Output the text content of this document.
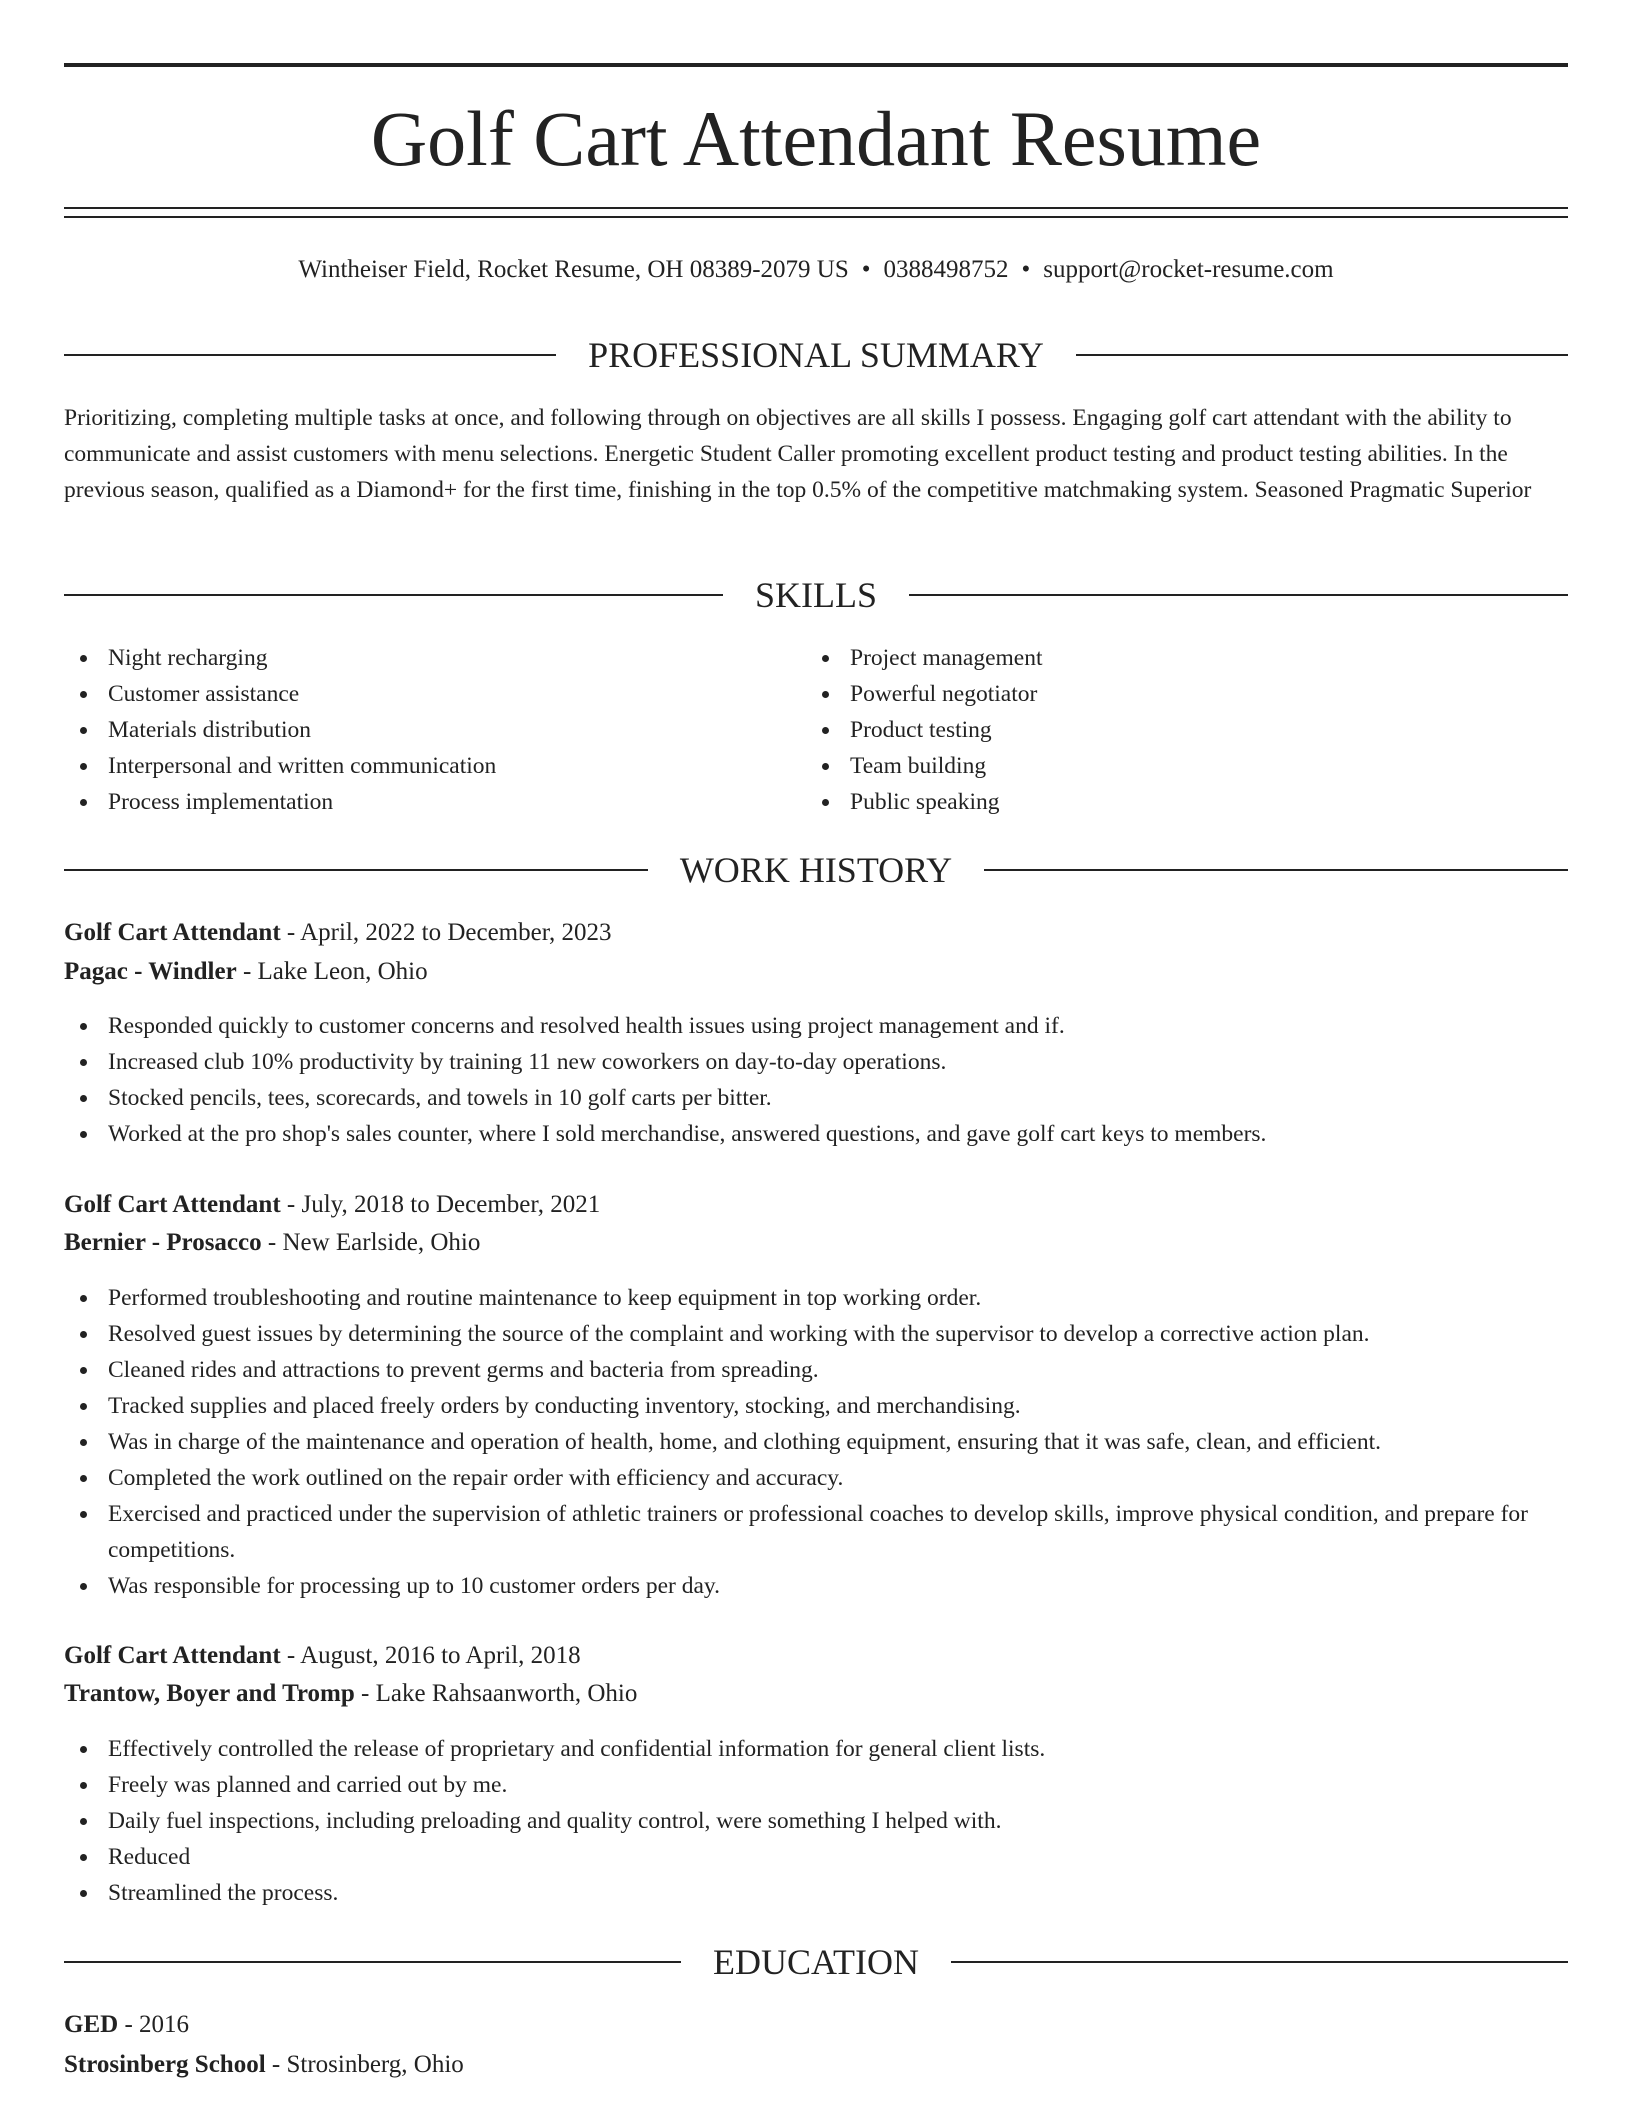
Golf Cart Attendant Resume
Wintheiser Field, Rocket Resume, OH 08389-2079 US • 0388498752 • support@rocket-resume.com
PROFESSIONAL SUMMARY

Prioritizing, completing multiple tasks at once, and following through on objectives are all skills I possess. Engaging golf cart attendant with the ability to communicate and assist customers with menu selections. Energetic Student Caller promoting excellent product testing and product testing abilities. In the previous season, qualified as a Diamond+ for the first time, finishing in the top 0.5% of the competitive matchmaking system. Seasoned Pragmatic Superior

SKILLS
Night recharging
Customer assistance
Materials distribution
Interpersonal and written communication
Process implementation
Project management
Powerful negotiator
Product testing
Team building
Public speaking
WORK HISTORY
Golf Cart Attendant - April, 2022 to December, 2023
Pagac - Windler - Lake Leon, Ohio
Responded quickly to customer concerns and resolved health issues using project management and if.
Increased club 10% productivity by training 11 new coworkers on day-to-day operations.
Stocked pencils, tees, scorecards, and towels in 10 golf carts per bitter.
Worked at the pro shop's sales counter, where I sold merchandise, answered questions, and gave golf cart keys to members.
Golf Cart Attendant - July, 2018 to December, 2021
Bernier - Prosacco - New Earlside, Ohio
Performed troubleshooting and routine maintenance to keep equipment in top working order.
Resolved guest issues by determining the source of the complaint and working with the supervisor to develop a corrective action plan.
Cleaned rides and attractions to prevent germs and bacteria from spreading.
Tracked supplies and placed freely orders by conducting inventory, stocking, and merchandising.
Was in charge of the maintenance and operation of health, home, and clothing equipment, ensuring that it was safe, clean, and efficient.
Completed the work outlined on the repair order with efficiency and accuracy.
Exercised and practiced under the supervision of athletic trainers or professional coaches to develop skills, improve physical condition, and prepare for competitions.
Was responsible for processing up to 10 customer orders per day.
Golf Cart Attendant - August, 2016 to April, 2018
Trantow, Boyer and Tromp - Lake Rahsaanworth, Ohio
Effectively controlled the release of proprietary and confidential information for general client lists.
Freely was planned and carried out by me.
Daily fuel inspections, including preloading and quality control, were something I helped with.
Reduced
Streamlined the process.
EDUCATION
GED - 2016
Strosinberg School - Strosinberg, Ohio
